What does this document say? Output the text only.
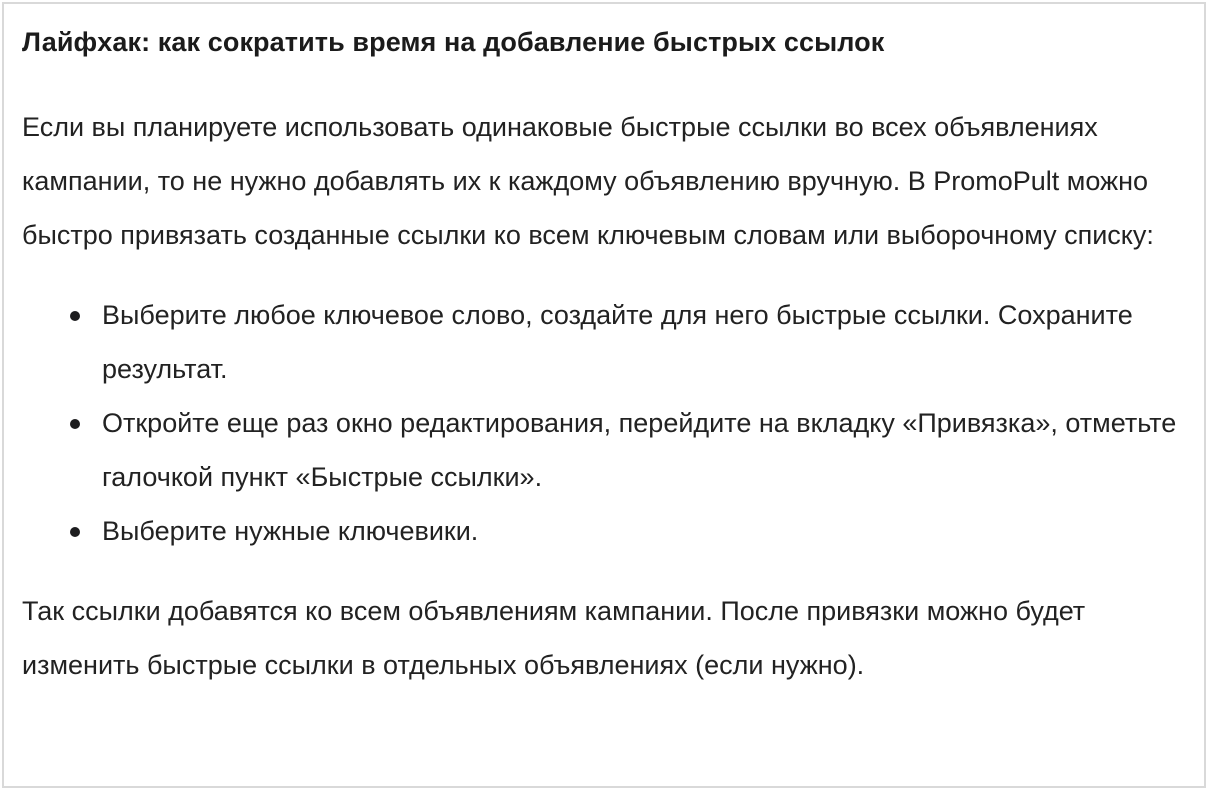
Лайфхак: как сократить время на добавление быстрых ссылок

Если вы планируете использовать одинаковые быстрые ссылки во всех объявлениях кампании, то не нужно добавлять их к каждому объявлению вручную. В PromoPult можно быстро привязать созданные ссылки ко всем ключевым словам или выборочному списку:

Выберите любое ключевое слово, создайте для него быстрые ссылки. Сохраните результат.
Откройте еще раз окно редактирования, перейдите на вкладку «Привязка», отметьте галочкой пункт «Быстрые ссылки».
Выберите нужные ключевики.

Так ссылки добавятся ко всем объявлениям кампании. После привязки можно будет изменить быстрые ссылки в отдельных объявлениях (если нужно).
